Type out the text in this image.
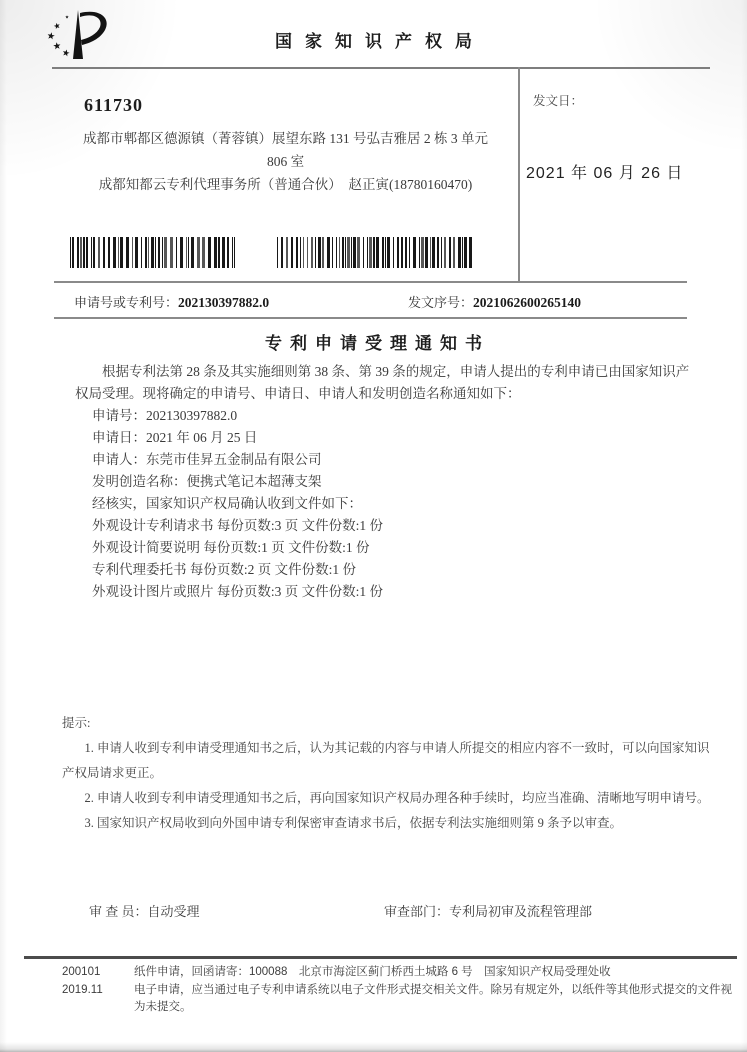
国家知识产权局
发文日：
2021 年 06 月 26 日
611730
成都市郫都区德源镇（菁蓉镇）展望东路 131 号弘吉雅居 2 栋 3 单元
806 室
成都知都云专利代理事务所（普通合伙）　赵正寅(18780160470)
申请号或专利号：202130397882.0	发文序号：2021062600265140
专利申请受理通知书

根据专利法第 28 条及其实施细则第 38 条、第 39 条的规定，申请人提出的专利申请已由国家知识产权局受理。现将确定的申请号、申请日、申请人和发明创造名称通知如下：

申请号：202130397882.0

申请日：2021 年 06 月 25 日

申请人：东莞市佳昇五金制品有限公司

发明创造名称：便携式笔记本超薄支架

经核实，国家知识产权局确认收到文件如下：

外观设计专利请求书 每份页数:3 页 文件份数:1 份

外观设计简要说明 每份页数:1 页 文件份数:1 份

专利代理委托书 每份页数:2 页 文件份数:1 份

外观设计图片或照片 每份页数:3 页 文件份数:1 份

提示:

1. 申请人收到专利申请受理通知书之后，认为其记载的内容与申请人所提交的相应内容不一致时，可以向国家知识产权局请求更正。

2. 申请人收到专利申请受理通知书之后，再向国家知识产权局办理各种手续时，均应当准确、清晰地写明申请号。

3. 国家知识产权局收到向外国申请专利保密审查请求书后，依据专利法实施细则第 9 条予以审查。

审 查 员：自动受理	审查部门：专利局初审及流程管理部
200101
2019.11

纸件申请，回函请寄：100088　北京市海淀区蓟门桥西土城路 6 号　国家知识产权局受理处收

电子申请，应当通过电子专利申请系统以电子文件形式提交相关文件。除另有规定外，以纸件等其他形式提交的文件视为未提交。
